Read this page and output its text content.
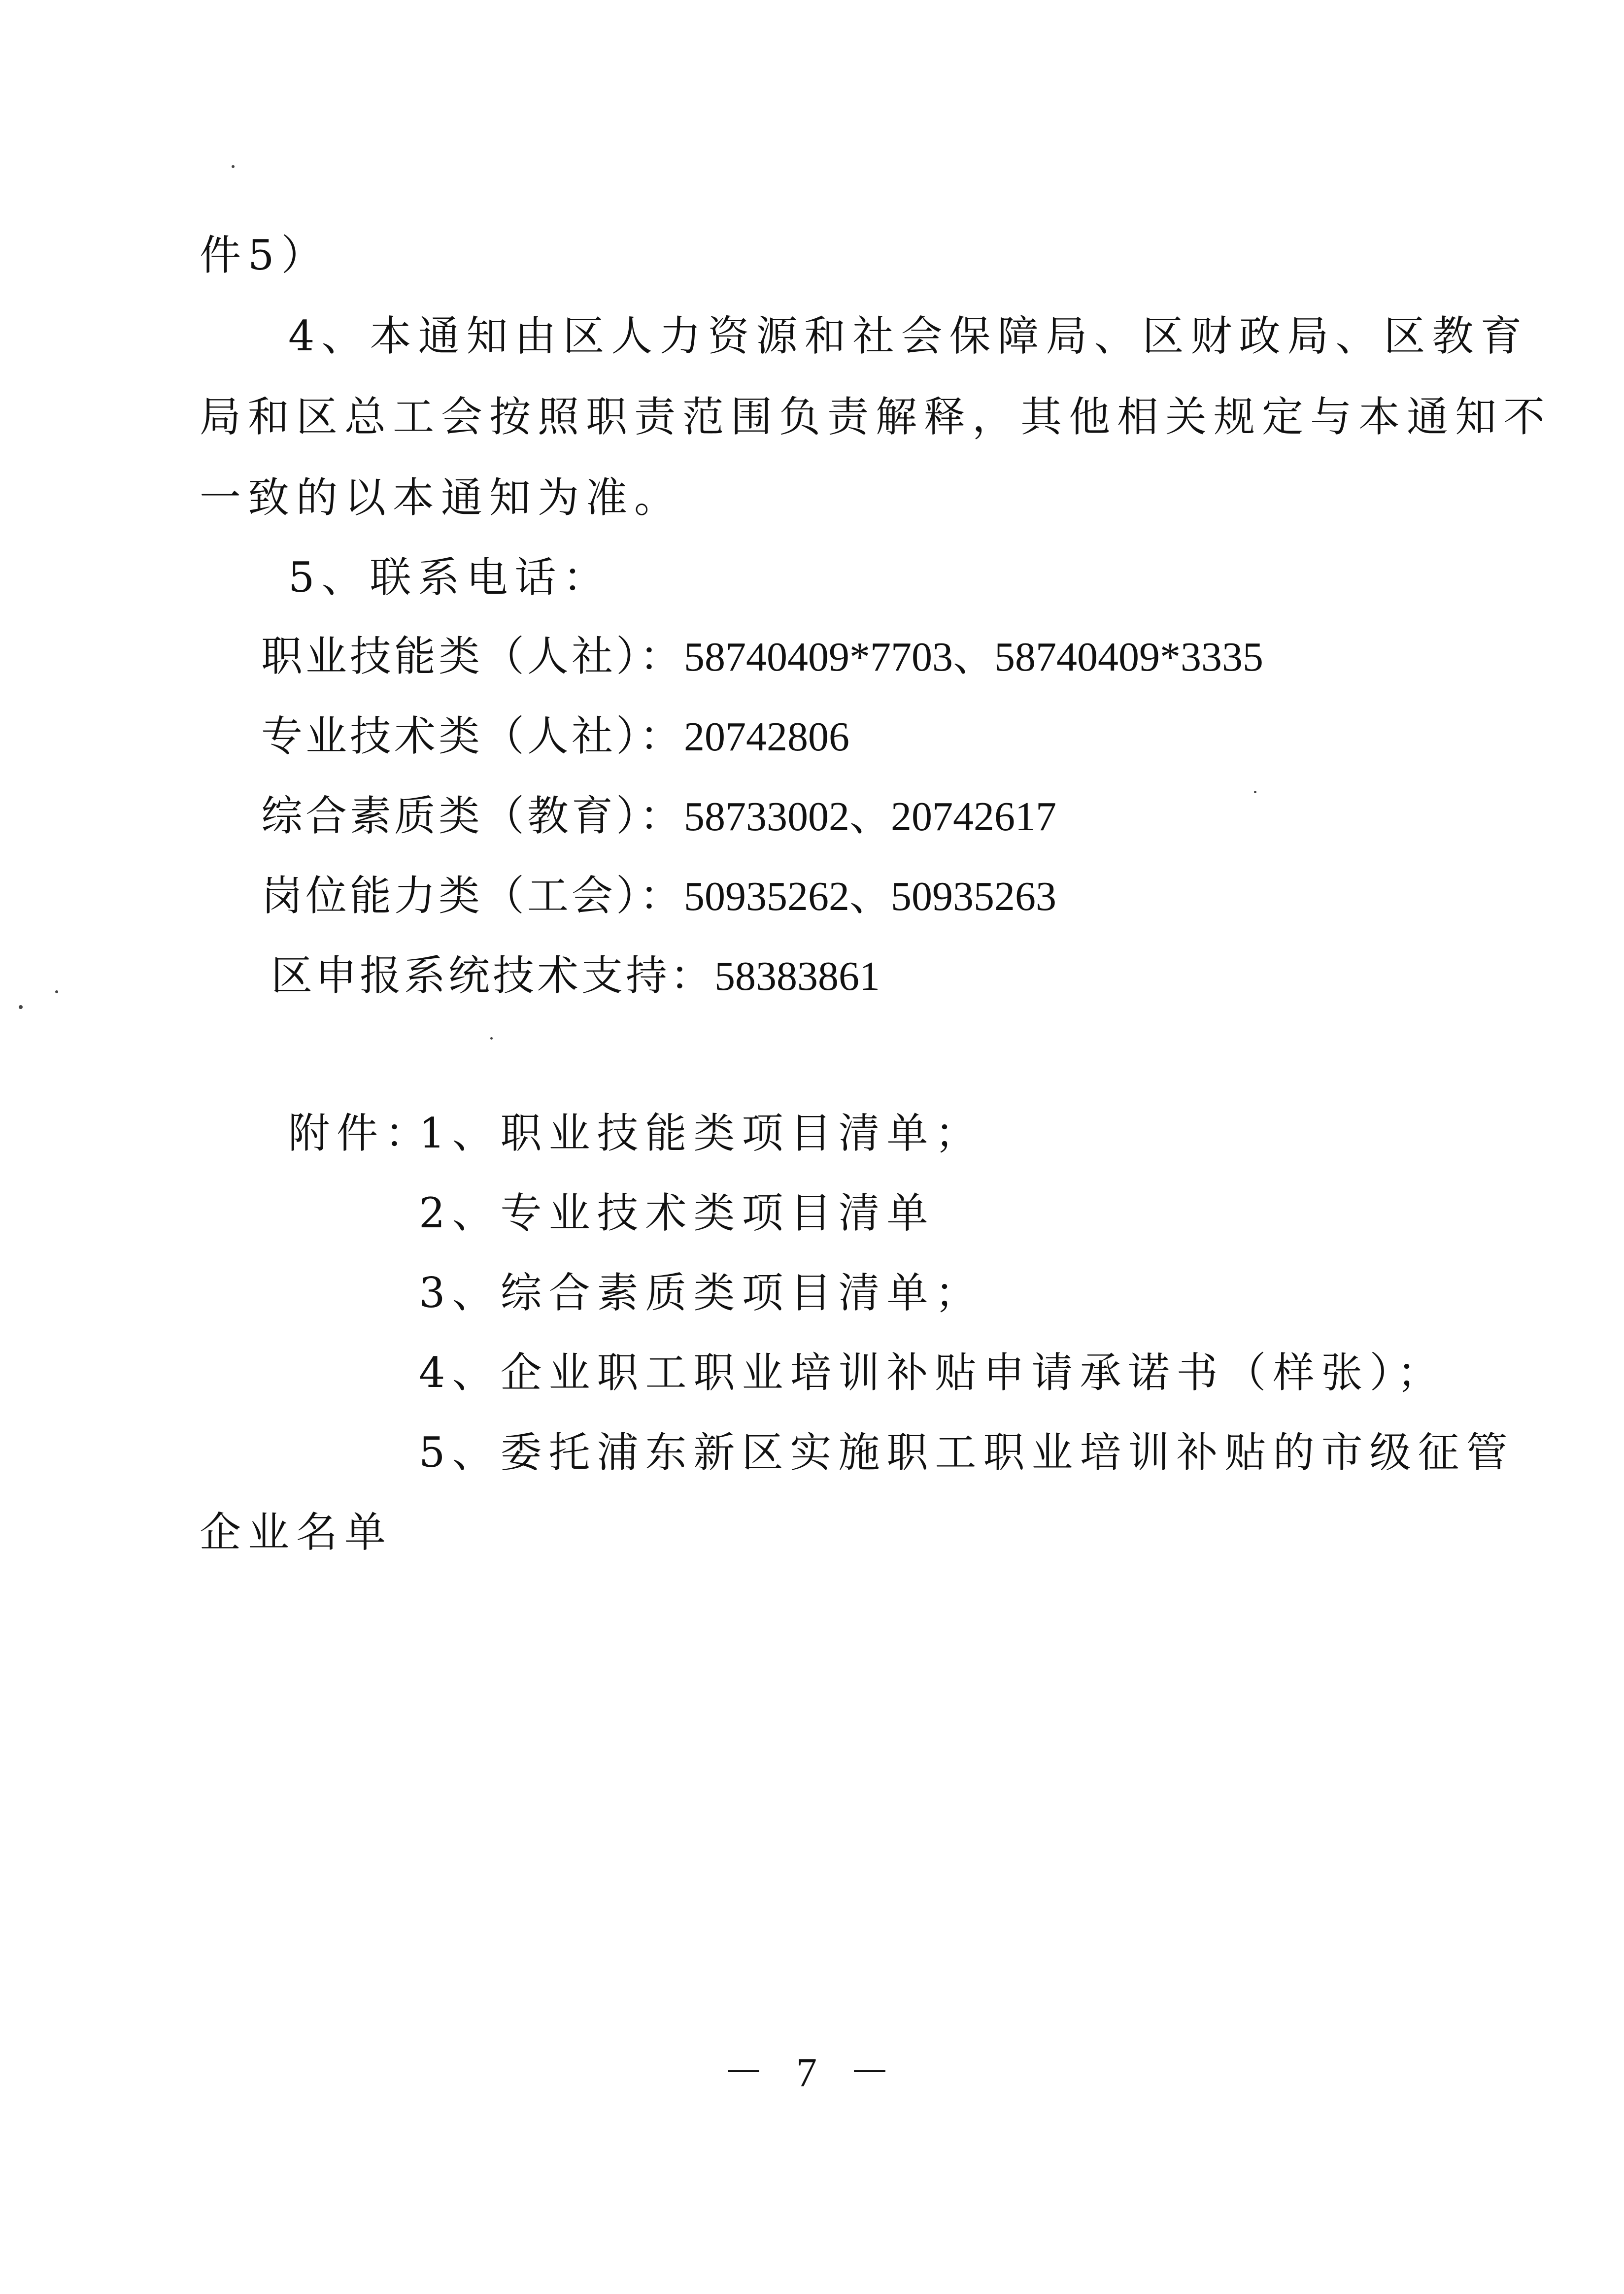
件5）
4、本通知由区人力资源和社会保障局、区财政局、区教育
局和区总工会按照职责范围负责解释，其他相关规定与本通知不
一致的以本通知为准。
5、联系电话：
职业技能类（人社）：58740409*7703、58740409*3335
专业技术类（人社）：20742806
综合素质类（教育）：58733002、20742617
岗位能力类（工会）：50935262、50935263
区申报系统技术支持：58383861
附件：
1、职业技能类项目清单；
2、专业技术类项目清单
3、综合素质类项目清单；
4、企业职工职业培训补贴申请承诺书（样张）；
5、委托浦东新区实施职工职业培训补贴的市级征管
企业名单
－ 7 －
